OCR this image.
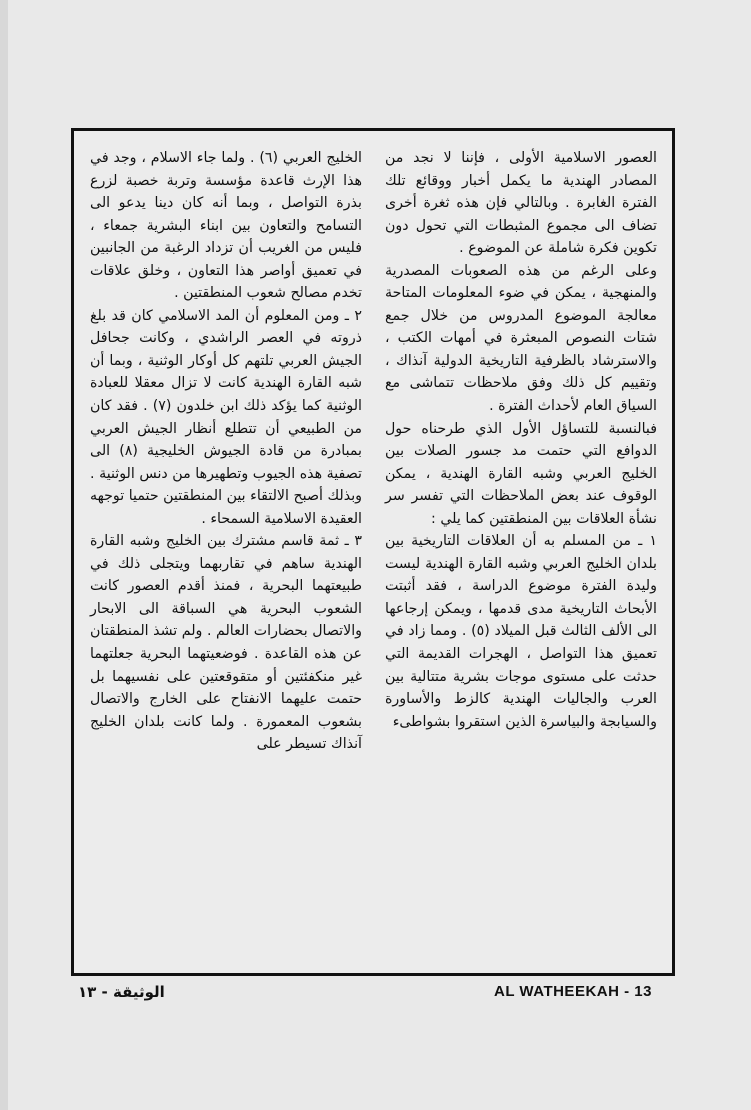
العصور الاسلامية الأولى ، فإننا لا نجد من المصادر الهندية ما يكمل أخبار ووقائع تلك الفترة الغابرة . وبالتالي فإن هذه ثغرة أخرى تضاف الى مجموع المثبطات التي تحول دون تكوين فكرة شاملة عن الموضوع .

وعلى الرغم من هذه الصعوبات المصدرية والمنهجية ، يمكن في ضوء المعلومات المتاحة معالجة الموضوع المدروس من خلال جمع شتات النصوص المبعثرة في أمهات الكتب ، والاسترشاد بالظرفية التاريخية الدولية آنذاك ، وتقييم كل ذلك وفق ملاحظات تتماشى مع السياق العام لأحداث الفترة .

فبالنسبة للتساؤل الأول الذي طرحناه حول الدوافع التي حتمت مد جسور الصلات بين الخليج العربي وشبه القارة الهندية ، يمكن الوقوف عند بعض الملاحظات التي تفسر سر نشأة العلاقات بين المنطقتين كما يلي :

١ ـ من المسلم به أن العلاقات التاريخية بين بلدان الخليج العربي وشبه القارة الهندية ليست وليدة الفترة موضوع الدراسة ، فقد أثبتت الأبحاث التاريخية مدى قدمها ، ويمكن إرجاعها الى الألف الثالث قبل الميلاد (٥) . ومما زاد في تعميق هذا التواصل ، الهجرات القديمة التي حدثت على مستوى موجات بشرية متتالية بين العرب والجاليات الهندية كالزط والأساورة والسيابجة والبياسرة الذين استقروا بشواطىء

الخليج العربي (٦) . ولما جاء الاسلام ، وجد في هذا الإرث قاعدة مؤسسة وتربة خصبة لزرع بذرة التواصل ، وبما أنه كان دينا يدعو الى التسامح والتعاون بين ابناء البشرية جمعاء ، فليس من الغريب أن تزداد الرغبة من الجانبين في تعميق أواصر هذا التعاون ، وخلق علاقات تخدم مصالح شعوب المنطقتين .

٢ ـ ومن المعلوم أن المد الاسلامي كان قد بلغ ذروته في العصر الراشدي ، وكانت جحافل الجيش العربي تلتهم كل أوكار الوثنية ، وبما أن شبه القارة الهندية كانت لا تزال معقلا للعبادة الوثنية كما يؤكد ذلك ابن خلدون (٧) . فقد كان من الطبيعي أن تتطلع أنظار الجيش العربي بمبادرة من قادة الجيوش الخليجية (٨) الى تصفية هذه الجيوب وتطهيرها من دنس الوثنية . وبذلك أصبح الالتقاء بين المنطقتين حتميا توجهه العقيدة الاسلامية السمحاء .

٣ ـ ثمة قاسم مشترك بين الخليج وشبه القارة الهندية ساهم في تقاربهما ويتجلى ذلك في طبيعتهما البحرية ، فمنذ أقدم العصور كانت الشعوب البحرية هي السباقة الى الابحار والاتصال بحضارات العالم . ولم تشذ المنطقتان عن هذه القاعدة . فوضعيتهما البحرية جعلتهما غير منكفئتين أو متقوقعتين على نفسيهما بل حتمت عليهما الانفتاح على الخارج والاتصال بشعوب المعمورة . ولما كانت بلدان الخليج آنذاك تسيطر على

AL WATHEEKAH - 13
الوثيقة - ١٣
